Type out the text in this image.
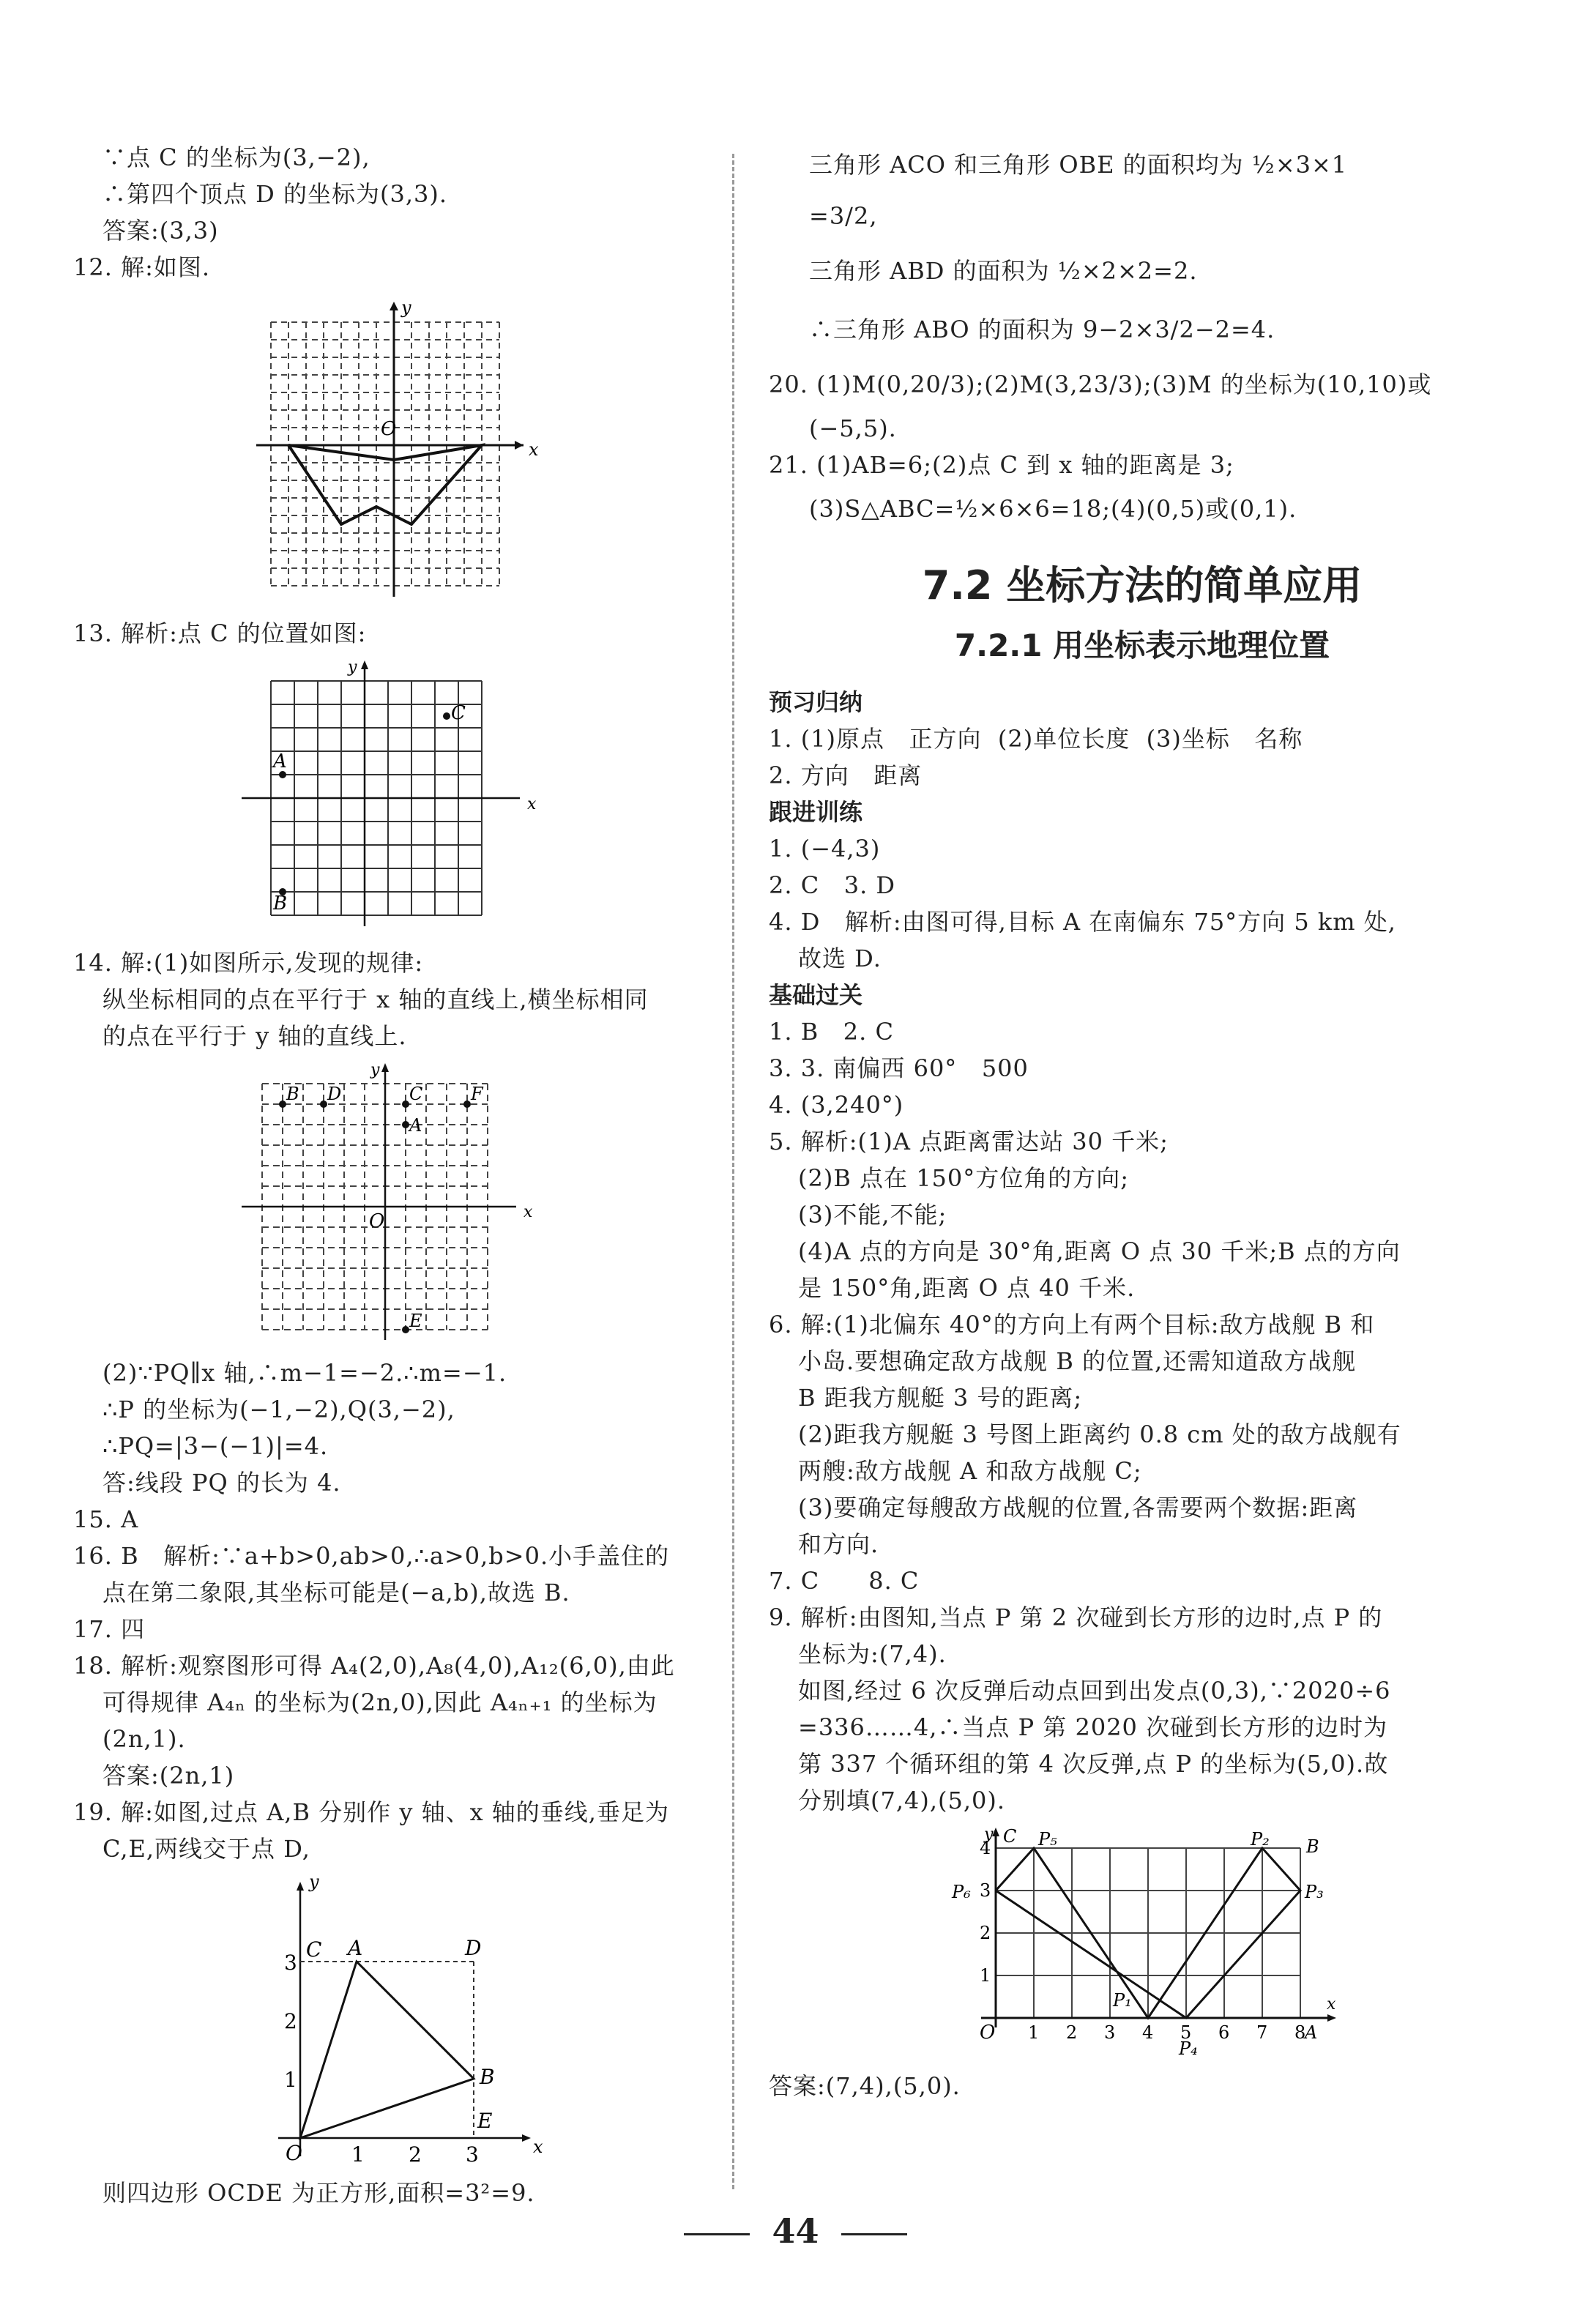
∵点 C 的坐标为(3,−2),

∴第四个顶点 D 的坐标为(3,3).

答案:(3,3)

12. 解:如图.

y
O
x

13. 解析:点 C 的位置如图:

y
x
A
B
C

14. 解:(1)如图所示,发现的规律:

纵坐标相同的点在平行于 x 轴的直线上,横坐标相同

的点在平行于 y 轴的直线上.

y
x
O
B D	C	F
A
E

(2)∵PQ∥x 轴,∴m−1=−2.∴m=−1.

∴P 的坐标为(−1,−2),Q(3,−2),

∴PQ=|3−(−1)|=4.

答:线段 PQ 的长为 4.

15. A

16. B   解析:∵a+b>0,ab>0,∴a>0,b>0.小手盖住的

点在第二象限,其坐标可能是(−a,b),故选 B.

17. 四

18. 解析:观察图形可得 A₄(2,0),A₈(4,0),A₁₂(6,0),由此

可得规律 A₄ₙ 的坐标为(2n,0),因此 A₄ₙ₊₁ 的坐标为

(2n,1).

答案:(2n,1)

19. 解:如图,过点 A,B 分别作 y 轴、x 轴的垂线,垂足为

C,E,两线交于点 D,

y
x
O
C A	D
B
E
1 2 3
1
2
3

则四边形 OCDE 为正方形,面积=3²=9.

三角形 ACO 和三角形 OBE 的面积均为 ½×3×1

=3/2,

三角形 ABD 的面积为 ½×2×2=2.

∴三角形 ABO 的面积为 9−2×3/2−2=4.

20. (1)M(0,20/3);(2)M(3,23/3);(3)M 的坐标为(10,10)或

(−5,5).

21. (1)AB=6;(2)点 C 到 x 轴的距离是 3;

(3)S△ABC=½×6×6=18;(4)(0,5)或(0,1).

7.2 坐标方法的简单应用
7.2.1 用坐标表示地理位置

预习归纳

1. (1)原点   正方向  (2)单位长度  (3)坐标   名称

2. 方向   距离

跟进训练

1. (−4,3)

2. C   3. D

4. D   解析:由图可得,目标 A 在南偏东 75°方向 5 km 处,

故选 D.

基础过关

1. B   2. C

3. 3. 南偏西 60°   500

4. (3,240°)

5. 解析:(1)A 点距离雷达站 30 千米;

(2)B 点在 150°方位角的方向;

(3)不能,不能;

(4)A 点的方向是 30°角,距离 O 点 30 千米;B 点的方向

是 150°角,距离 O 点 40 千米.

6. 解:(1)北偏东 40°的方向上有两个目标:敌方战舰 B 和

小岛.要想确定敌方战舰 B 的位置,还需知道敌方战舰

B 距我方舰艇 3 号的距离;

(2)距我方舰艇 3 号图上距离约 0.8 cm 处的敌方战舰有

两艘:敌方战舰 A 和敌方战舰 C;

(3)要确定每艘敌方战舰的位置,各需要两个数据:距离

和方向.

7. C      8. C

9. 解析:由图知,当点 P 第 2 次碰到长方形的边时,点 P 的

坐标为:(7,4).

如图,经过 6 次反弹后动点回到出发点(0,3),∵2020÷6

=336……4,∴当点 P 第 2020 次碰到长方形的边时为

第 337 个循环组的第 4 次反弹,点 P 的坐标为(5,0).故

分别填(7,4),(5,0).

y
x
O
C P₅	P₂ B
P₆	P₃
P₁
P₄
A
1 2 3 4 5 6 7 8
1
2
3
4

答案:(7,4),(5,0).

44
